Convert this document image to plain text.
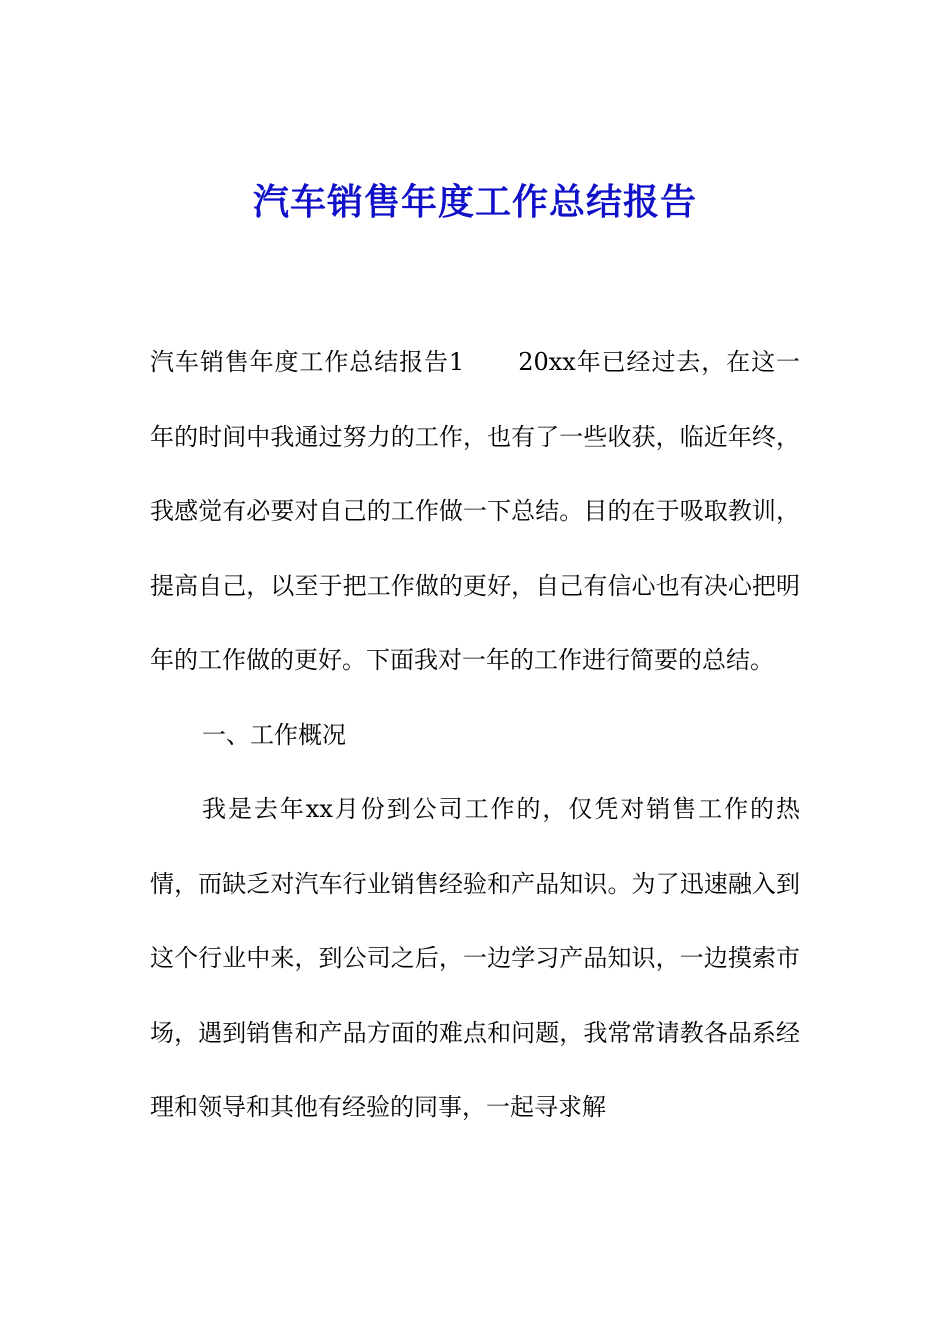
汽车销售年度工作总结报告

汽车销售年度工作总结报告1 20xx年已经过去，在这一年的时间中我通过努力的工作，也有了一些收获，临近年终，我感觉有必要对自己的工作做一下总结。目的在于吸取教训，提高自己，以至于把工作做的更好，自己有信心也有决心把明年的工作做的更好。下面我对一年的工作进行简要的总结。

一、工作概况

我是去年xx月份到公司工作的，仅凭对销售工作的热情，而缺乏对汽车行业销售经验和产品知识。为了迅速融入到这个行业中来，到公司之后，一边学习产品知识，一边摸索市场，遇到销售和产品方面的难点和问题，我常常请教各品系经理和领导和其他有经验的同事，一起寻求解
